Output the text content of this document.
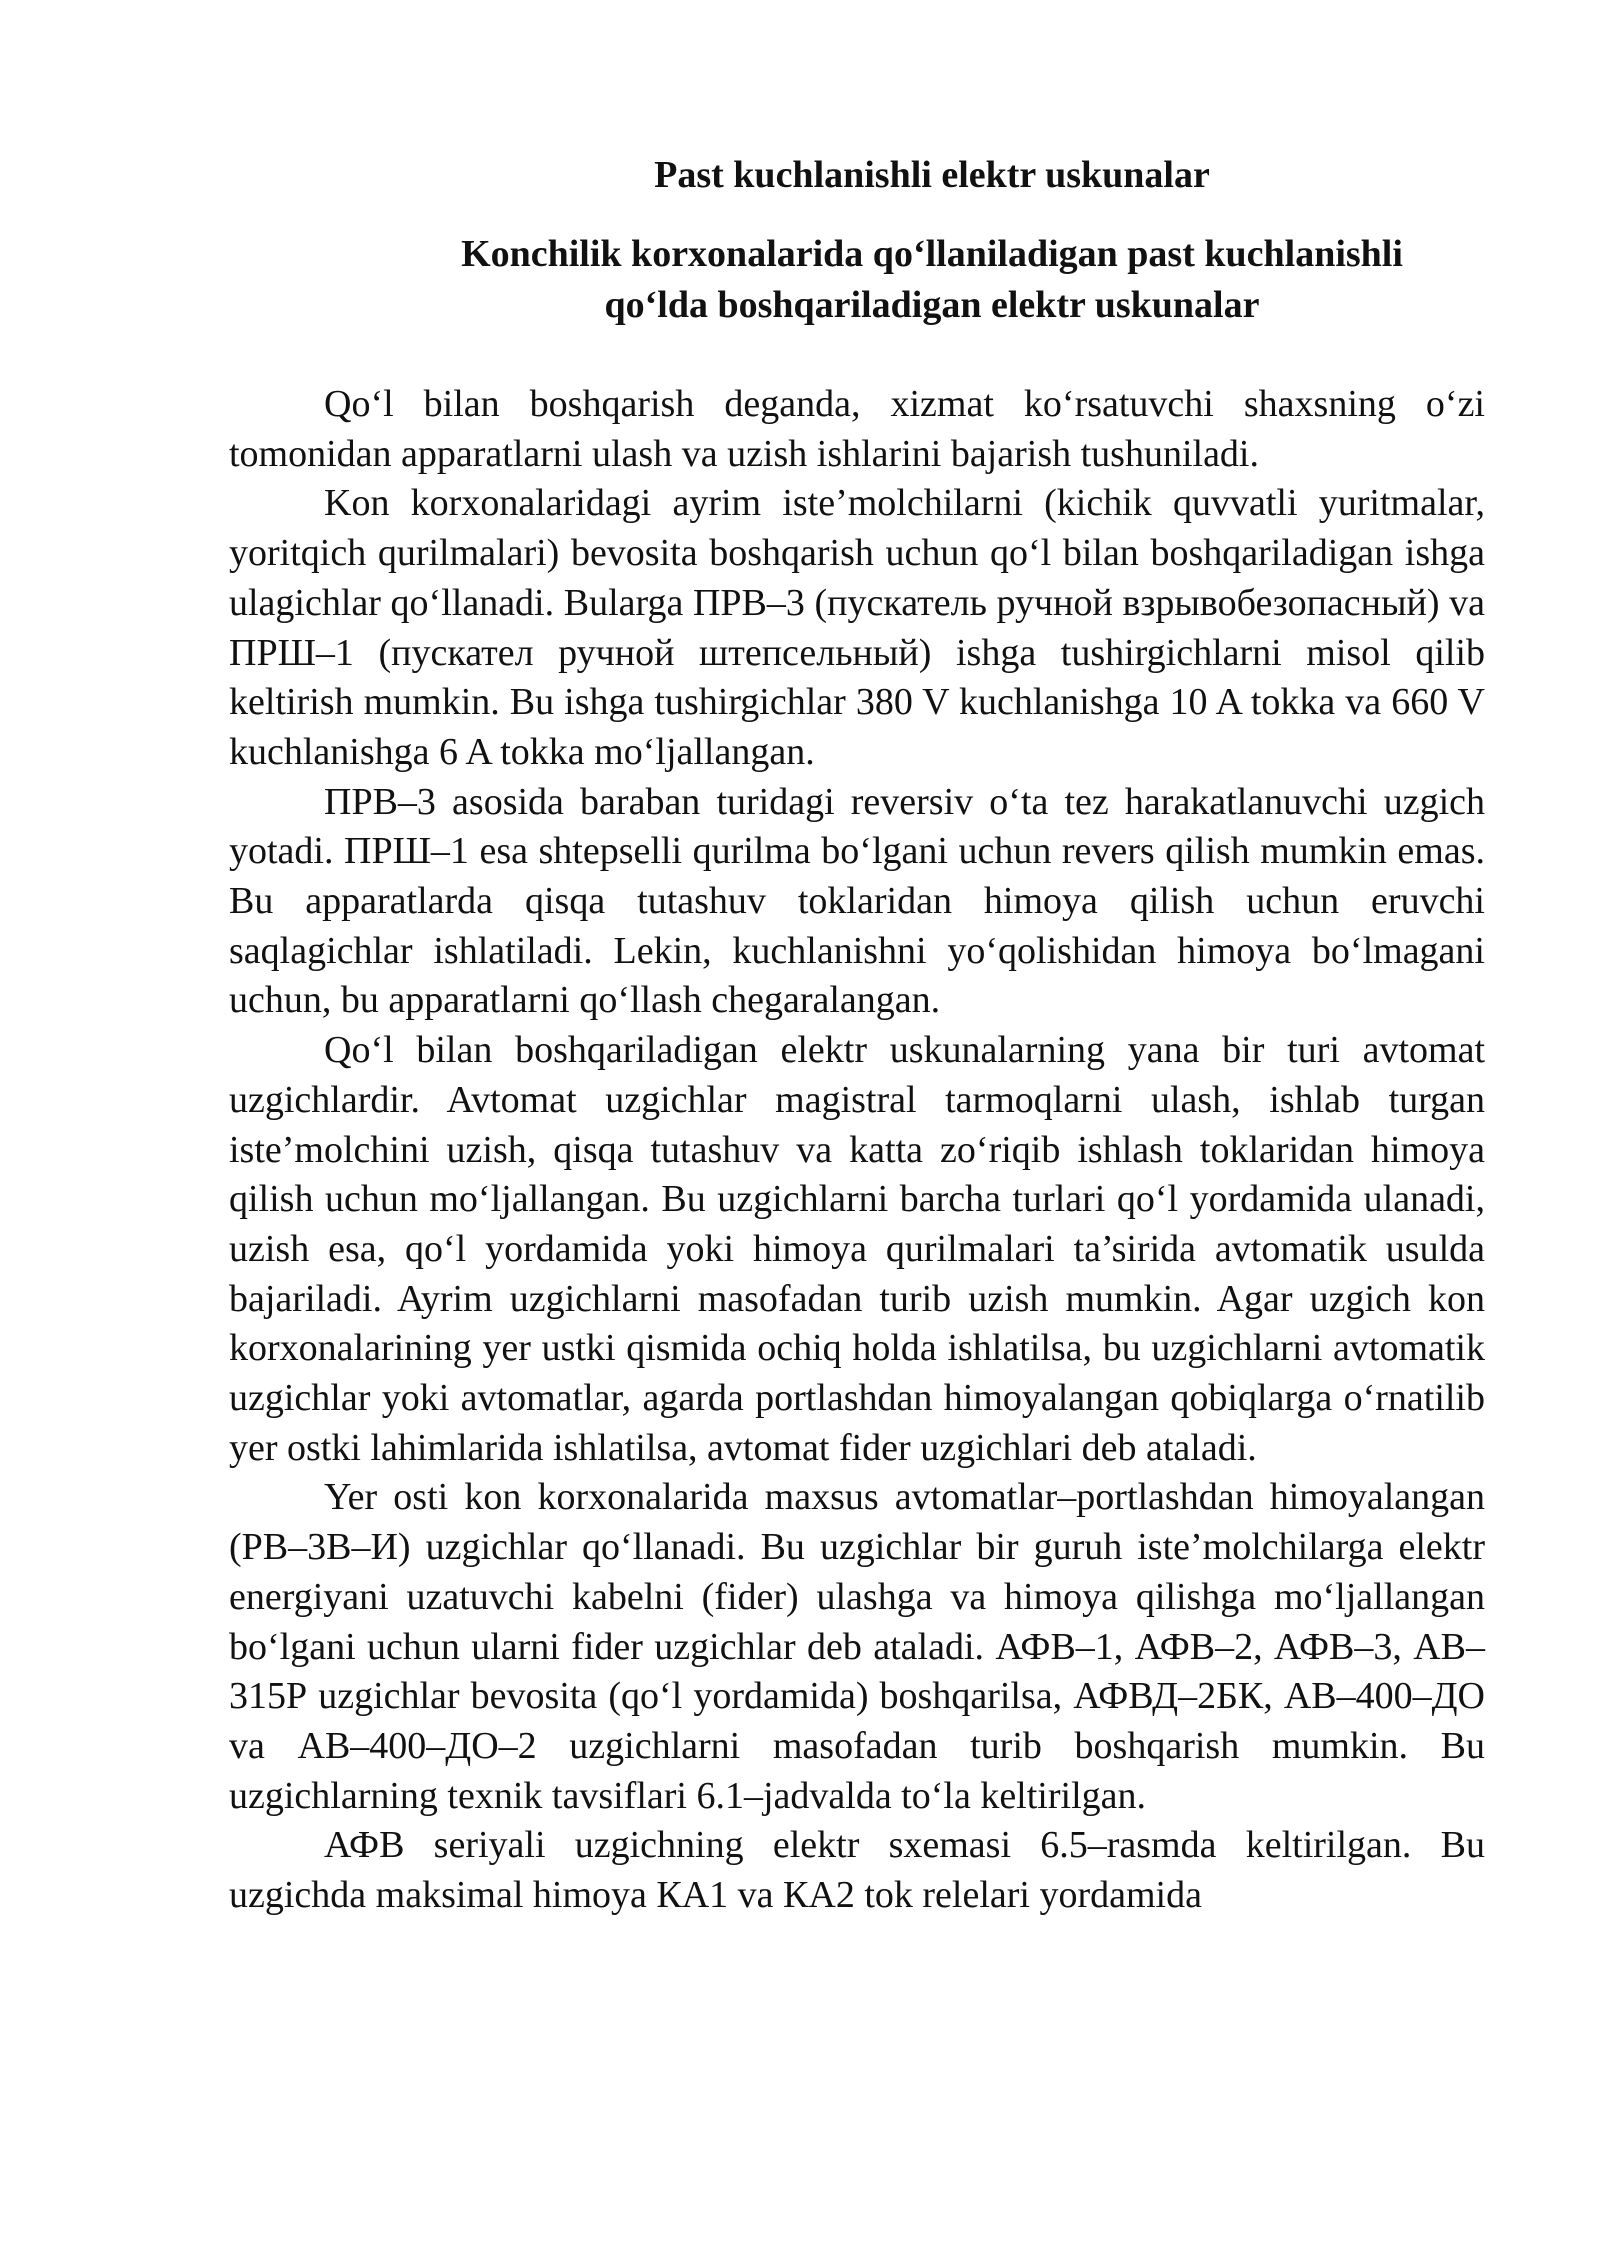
Past kuchlanishli elektr uskunalar
Konchilik korxonalarida qo‘llaniladigan past kuchlanishli
qo‘lda boshqariladigan elektr uskunalar

Qo‘l bilan boshqarish deganda, xizmat ko‘rsatuvchi shaxsning o‘zi tomonidan apparatlarni ulash va uzish ishlarini bajarish tushuniladi.

Kon korxonalaridagi ayrim iste’molchilarni (kichik quvvatli yuritmalar, yoritqich qurilmalari) bevosita boshqarish uchun qo‘l bilan boshqariladigan ishga ulagichlar qo‘llanadi. Bularga ПРВ–3 (пускатель ручной взрывобезопасный) va ПРШ–1 (пускател ручной штепсельный) ishga tushirgichlarni misol qilib keltirish mumkin. Bu ishga tushirgichlar 380 V kuchlanishga 10 A tokka va 660 V kuchlanishga 6 A tokka mo‘ljallangan.

ПРВ–3 asosida baraban turidagi reversiv o‘ta tez harakatlanuvchi uzgich yotadi. ПРШ–1 esa shtepselli qurilma bo‘lgani uchun revers qilish mumkin emas. Bu apparatlarda qisqa tutashuv toklaridan himoya qilish uchun eruvchi saqlagichlar ishlatiladi. Lekin, kuchlanishni yo‘qolishidan himoya bo‘lmagani uchun, bu apparatlarni qo‘llash chegaralangan.

Qo‘l bilan boshqariladigan elektr uskunalarning yana bir turi avtomat uzgichlardir. Avtomat uzgichlar magistral tarmoqlarni ulash, ishlab turgan iste’molchini uzish, qisqa tutashuv va katta zo‘riqib ishlash toklaridan himoya qilish uchun mo‘ljallangan. Bu uzgichlarni barcha turlari qo‘l yordamida ulanadi, uzish esa, qo‘l yordamida yoki himoya qurilmalari ta’sirida avtomatik usulda bajariladi. Ayrim uzgichlarni masofadan turib uzish mumkin. Agar uzgich kon korxonalarining yer ustki qismida ochiq holda ishlatilsa, bu uzgichlarni avtomatik uzgichlar yoki avtomatlar, agarda portlashdan himoyalangan qobiqlarga o‘rnatilib yer ostki lahimlarida ishlatilsa, avtomat fider uzgichlari deb ataladi.

Yer osti kon korxonalarida maxsus avtomatlar–portlashdan himoyalangan (РВ–3В–И) uzgichlar qo‘llanadi. Bu uzgichlar bir guruh iste’molchilarga elektr energiyani uzatuvchi kabelni (fider) ulashga va himoya qilishga mo‘ljallangan bo‘lgani uchun ularni fider uzgichlar deb ataladi. АФВ–1, АФВ–2, АФВ–3, АВ–315Р uzgichlar bevosita (qo‘l yordamida) boshqarilsa, АФВД–2БК, АВ–400–ДО va АВ–400–ДО–2 uzgichlarni masofadan turib boshqarish mumkin. Bu uzgichlarning texnik tavsiflari 6.1–jadvalda to‘la keltirilgan.

АФВ seriyali uzgichning elektr sxemasi 6.5–rasmda keltirilgan. Bu uzgichda maksimal himoya КА1 va КА2 tok relelari yordamida
